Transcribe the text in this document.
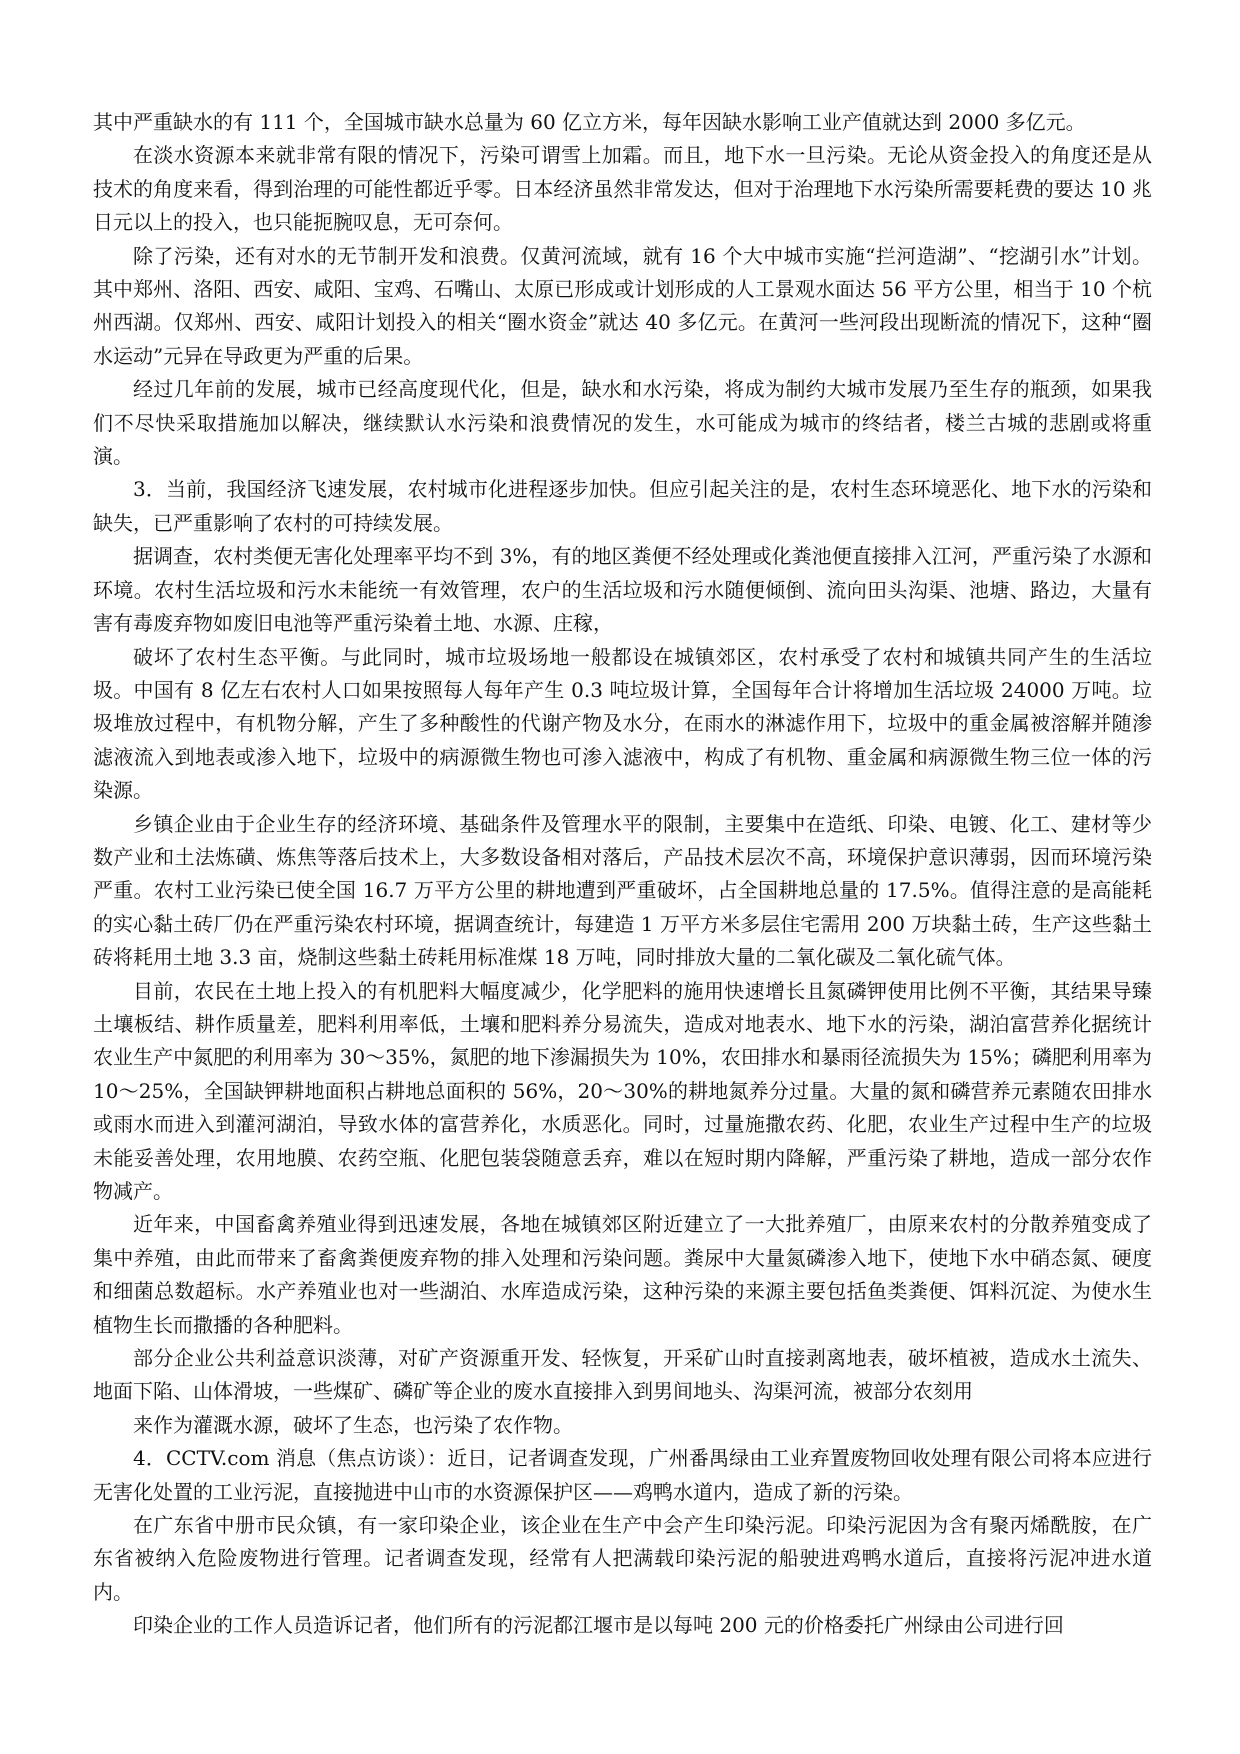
其中严重缺水的有 111 个，全国城市缺水总量为 60 亿立方米，每年因缺水影响工业产值就达到 2000 多亿元。

在淡水资源本来就非常有限的情况下，污染可谓雪上加霜。而且，地下水一旦污染。无论从资金投入的角度还是从技术的角度来看，得到治理的可能性都近乎零。日本经济虽然非常发达，但对于治理地下水污染所需要耗费的要达 10 兆日元以上的投入，也只能扼腕叹息，无可奈何。

除了污染，还有对水的无节制开发和浪费。仅黄河流域，就有 16 个大中城市实施“拦河造湖”、“挖湖引水”计划。其中郑州、洛阳、西安、咸阳、宝鸡、石嘴山、太原已形成或计划形成的人工景观水面达 56 平方公里，相当于 10 个杭州西湖。仅郑州、西安、咸阳计划投入的相关“圈水资金”就达 40 多亿元。在黄河一些河段出现断流的情况下，这种“圈水运动”元异在导政更为严重的后果。

经过几年前的发展，城市已经高度现代化，但是，缺水和水污染，将成为制约大城市发展乃至生存的瓶颈，如果我们不尽快采取措施加以解决，继续默认水污染和浪费情况的发生，水可能成为城市的终结者，楼兰古城的悲剧或将重演。

3．当前，我国经济飞速发展，农村城市化进程逐步加快。但应引起关注的是，农村生态环境恶化、地下水的污染和缺失，已严重影响了农村的可持续发展。

据调查，农村类便无害化处理率平均不到 3%，有的地区粪便不经处理或化粪池便直接排入江河，严重污染了水源和环境。农村生活垃圾和污水未能统一有效管理，农户的生活垃圾和污水随便倾倒、流向田头沟渠、池塘、路边，大量有害有毒废弃物如废旧电池等严重污染着土地、水源、庄稼，

破坏了农村生态平衡。与此同时，城市垃圾场地一般都设在城镇郊区，农村承受了农村和城镇共同产生的生活垃圾。中国有 8 亿左右农村人口如果按照每人每年产生 0.3 吨垃圾计算，全国每年合计将增加生活垃圾 24000 万吨。垃圾堆放过程中，有机物分解，产生了多种酸性的代谢产物及水分，在雨水的淋滤作用下，垃圾中的重金属被溶解并随渗滤液流入到地表或渗入地下，垃圾中的病源微生物也可渗入滤液中，构成了有机物、重金属和病源微生物三位一体的污染源。

乡镇企业由于企业生存的经济环境、基础条件及管理水平的限制，主要集中在造纸、印染、电镀、化工、建材等少数产业和土法炼磺、炼焦等落后技术上，大多数设备相对落后，产品技术层次不高，环境保护意识薄弱，因而环境污染严重。农村工业污染已使全国 16.7 万平方公里的耕地遭到严重破坏，占全国耕地总量的 17.5%。值得注意的是高能耗的实心黏土砖厂仍在严重污染农村环境，据调查统计，每建造 1 万平方米多层住宅需用 200 万块黏土砖，生产这些黏土砖将耗用土地 3.3 亩，烧制这些黏土砖耗用标准煤 18 万吨，同时排放大量的二氧化碳及二氧化硫气体。

目前，农民在土地上投入的有机肥料大幅度减少，化学肥料的施用快速增长且氮磷钾使用比例不平衡，其结果导臻土壤板结、耕作质量差，肥料利用率低，土壤和肥料养分易流失，造成对地表水、地下水的污染，湖泊富营养化据统计农业生产中氮肥的利用率为 30～35%，氮肥的地下渗漏损失为 10%，农田排水和暴雨径流损失为 15%；磷肥利用率为 10～25%，全国缺钾耕地面积占耕地总面积的 56%，20～30%的耕地氮养分过量。大量的氮和磷营养元素随农田排水或雨水而进入到灌河湖泊，导致水体的富营养化，水质恶化。同时，过量施撒农药、化肥，农业生产过程中生产的垃圾未能妥善处理，农用地膜、农药空瓶、化肥包装袋随意丢弃，难以在短时期内降解，严重污染了耕地，造成一部分农作物减产。

近年来，中国畜禽养殖业得到迅速发展，各地在城镇郊区附近建立了一大批养殖厂，由原来农村的分散养殖变成了集中养殖，由此而带来了畜禽粪便废弃物的排入处理和污染问题。粪尿中大量氮磷渗入地下，使地下水中硝态氮、硬度和细菌总数超标。水产养殖业也对一些湖泊、水库造成污染，这种污染的来源主要包括鱼类粪便、饵料沉淀、为使水生植物生长而撒播的各种肥料。

部分企业公共利益意识淡薄，对矿产资源重开发、轻恢复，开采矿山时直接剥离地表，破坏植被，造成水土流失、地面下陷、山体滑坡，一些煤矿、磷矿等企业的废水直接排入到男间地头、沟渠河流，被部分农刻用

来作为灌溉水源，破坏了生态，也污染了农作物。

4．CCTV.com 消息（焦点访谈）：近日，记者调查发现，广州番禺绿由工业弃置废物回收处理有限公司将本应进行无害化处置的工业污泥，直接抛进中山市的水资源保护区——鸡鸭水道内，造成了新的污染。

在广东省中册市民众镇，有一家印染企业，该企业在生产中会产生印染污泥。印染污泥因为含有聚丙烯酰胺，在广东省被纳入危险废物进行管理。记者调查发现，经常有人把满载印染污泥的船驶进鸡鸭水道后，直接将污泥冲进水道内。

印染企业的工作人员造诉记者，他们所有的污泥都江堰市是以每吨 200 元的价格委托广州绿由公司进行回
